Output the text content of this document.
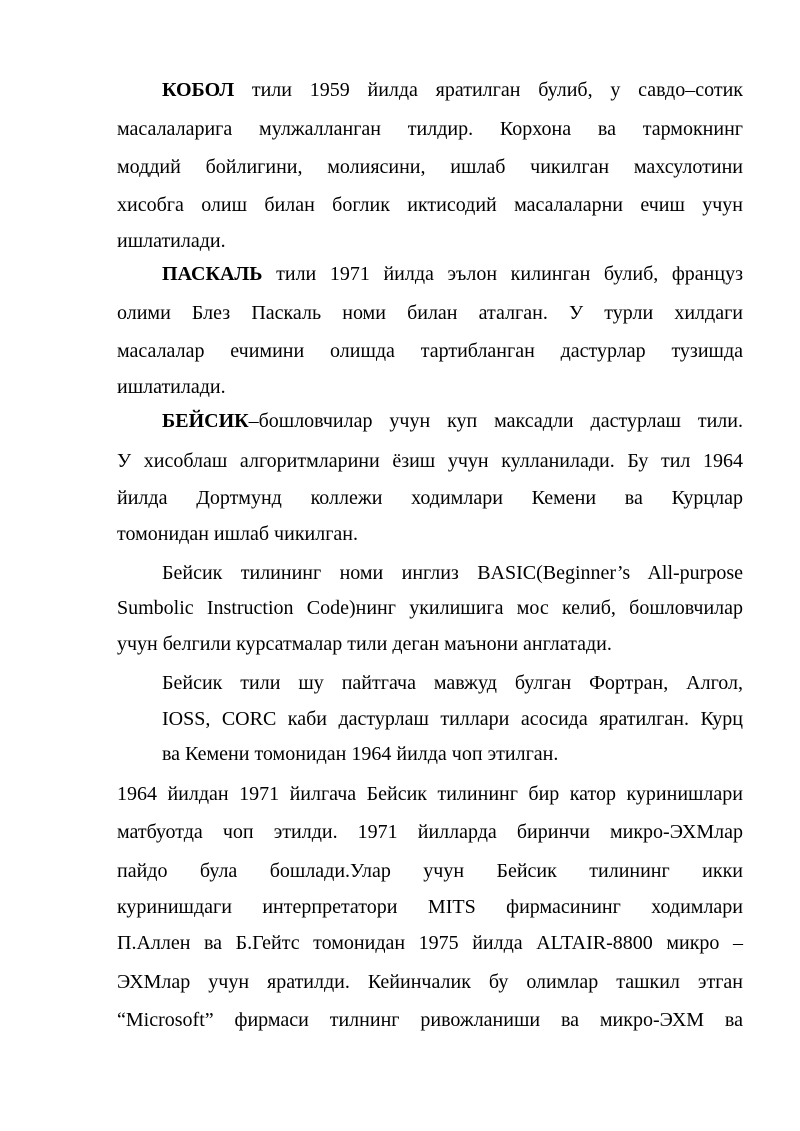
КОБОЛ тили 1959 йилда яратилган булиб, у савдо–сотик
масалаларига мулжалланган тилдир. Корхона ва тармокнинг
моддий бойлигини, молиясини, ишлаб чикилган махсулотини
хисобга олиш билан боглик иктисодий масалаларни ечиш учун
ишлатилади.
ПАСКАЛЬ тили 1971 йилда эълон килинган булиб, француз
олими Блез Паскаль номи билан аталган. У турли хилдаги
масалалар ечимини олишда тартибланган дастурлар тузишда
ишлатилади.
БЕЙСИК–бошловчилар учун куп максадли дастурлаш тили.
У хисоблаш алгоритмларини ёзиш учун кулланилади. Бу тил 1964
йилда Дортмунд коллежи ходимлари Кемени ва Курцлар
томонидан ишлаб чикилган.
Бейсик тилининг номи инглиз BASIC(Beginner’s All-purpose
Sumbolic Instruction Code)нинг укилишига мос келиб, бошловчилар
учун белгили курсатмалар тили деган маънони англатади.
Бейсик тили шу пайтгача мавжуд булган Фортран, Алгол,
IOSS, CORC каби дастурлаш тиллари асосида яратилган. Курц
ва Кемени томонидан 1964 йилда чоп этилган.
1964 йилдан 1971 йилгача Бейсик тилининг бир катор куринишлари
матбуотда чоп этилди. 1971 йилларда биринчи микро-ЭХМлар
пайдо була бошлади.Улар учун Бейсик тилининг икки
куринишдаги интерпретатори MITS фирмасининг ходимлари
П.Аллен ва Б.Гейтс томонидан 1975 йилда ALTAIR-8800 микро –
ЭХМлар учун яратилди. Кейинчалик бу олимлар ташкил этган
“Microsoft” фирмаси тилнинг ривожланиши ва микро-ЭХМ ва
